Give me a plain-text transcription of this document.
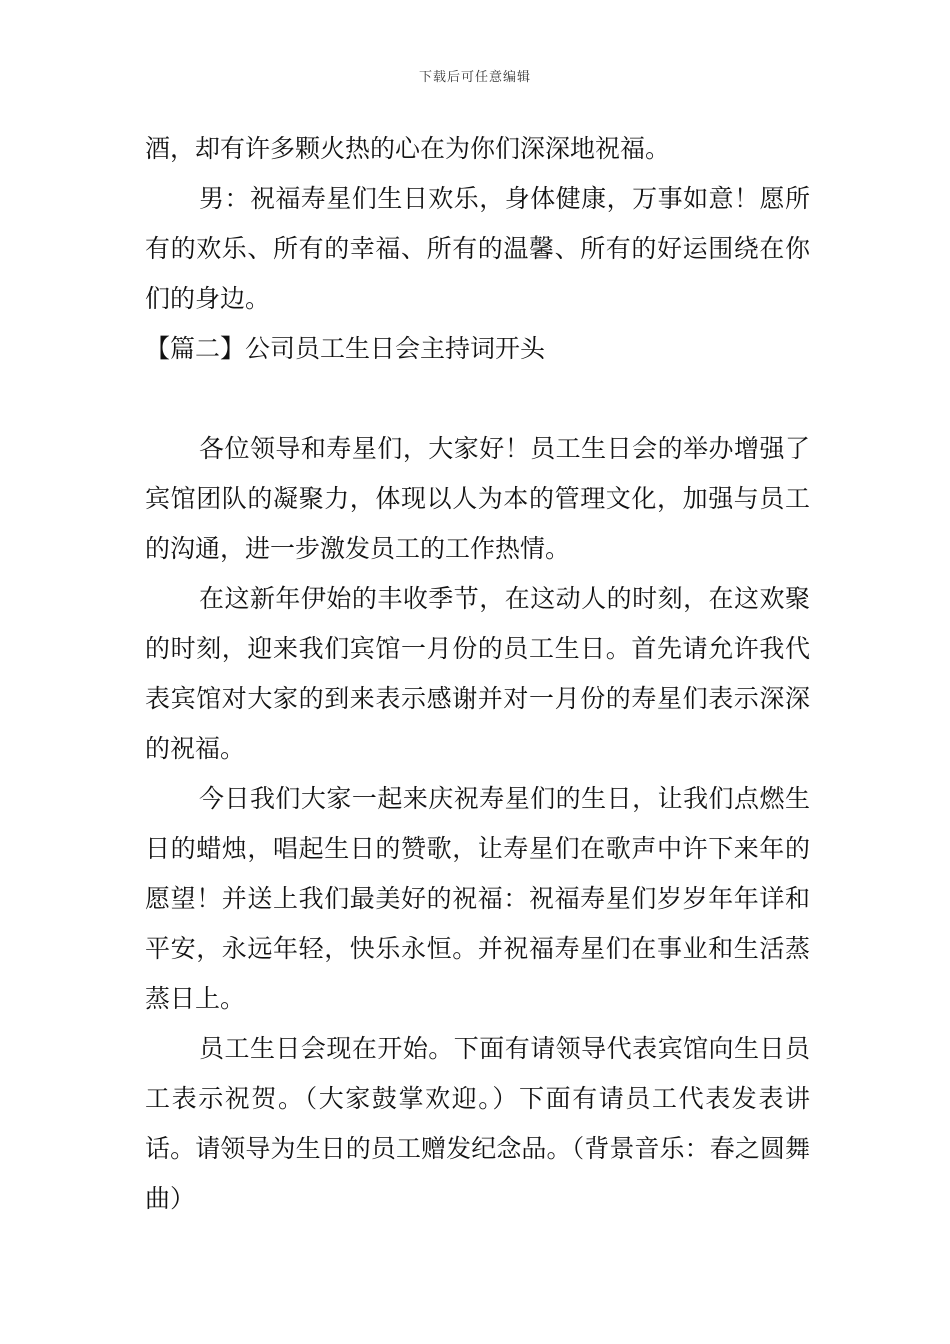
下载后可任意编辑

酒，却有许多颗火热的心在为你们深深地祝福。

男：祝福寿星们生日欢乐，身体健康，万事如意！愿所有的欢乐、所有的幸福、所有的温馨、所有的好运围绕在你们的身边。

【篇二】公司员工生日会主持词开头

各位领导和寿星们，大家好！员工生日会的举办增强了宾馆团队的凝聚力，体现以人为本的管理文化，加强与员工的沟通，进一步激发员工的工作热情。

在这新年伊始的丰收季节，在这动人的时刻，在这欢聚的时刻，迎来我们宾馆一月份的员工生日。首先请允许我代表宾馆对大家的到来表示感谢并对一月份的寿星们表示深深的祝福。

今日我们大家一起来庆祝寿星们的生日，让我们点燃生日的蜡烛，唱起生日的赞歌，让寿星们在歌声中许下来年的愿望！并送上我们最美好的祝福：祝福寿星们岁岁年年详和平安，永远年轻，快乐永恒。并祝福寿星们在事业和生活蒸蒸日上。

员工生日会现在开始。下面有请领导代表宾馆向生日员工表示祝贺。（大家鼓掌欢迎。）下面有请员工代表发表讲话。请领导为生日的员工赠发纪念品。（背景音乐：春之圆舞曲）
